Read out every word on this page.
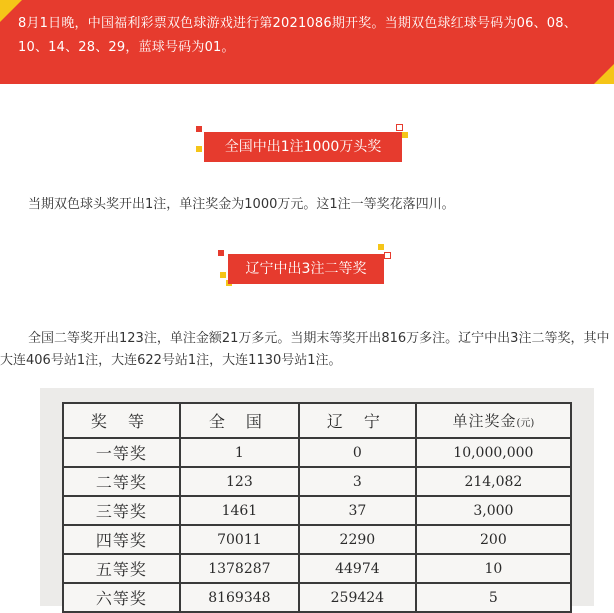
8月1日晚，中国福利彩票双色球游戏进行第2021086期开奖。当期双色球红球号码为06、08、10、14、28、29，蓝球号码为01。

全国中出1注1000万头奖

当期双色球头奖开出1注，单注奖金为1000万元。这1注一等奖花落四川。

辽宁中出3注二等奖

全国二等奖开出123注，单注金额21万多元。当期末等奖开出816万多注。辽宁中出3注二等奖，其中大连406号站1注，大连622号站1注，大连1130号站1注。

奖 等	全 国	辽 宁	单注奖金(元)
一等奖	1	0	10,000,000
二等奖	123	3	214,082
三等奖	1461	37	3,000
四等奖	70011	2290	200
五等奖	1378287	44974	10
六等奖	8169348	259424	5
